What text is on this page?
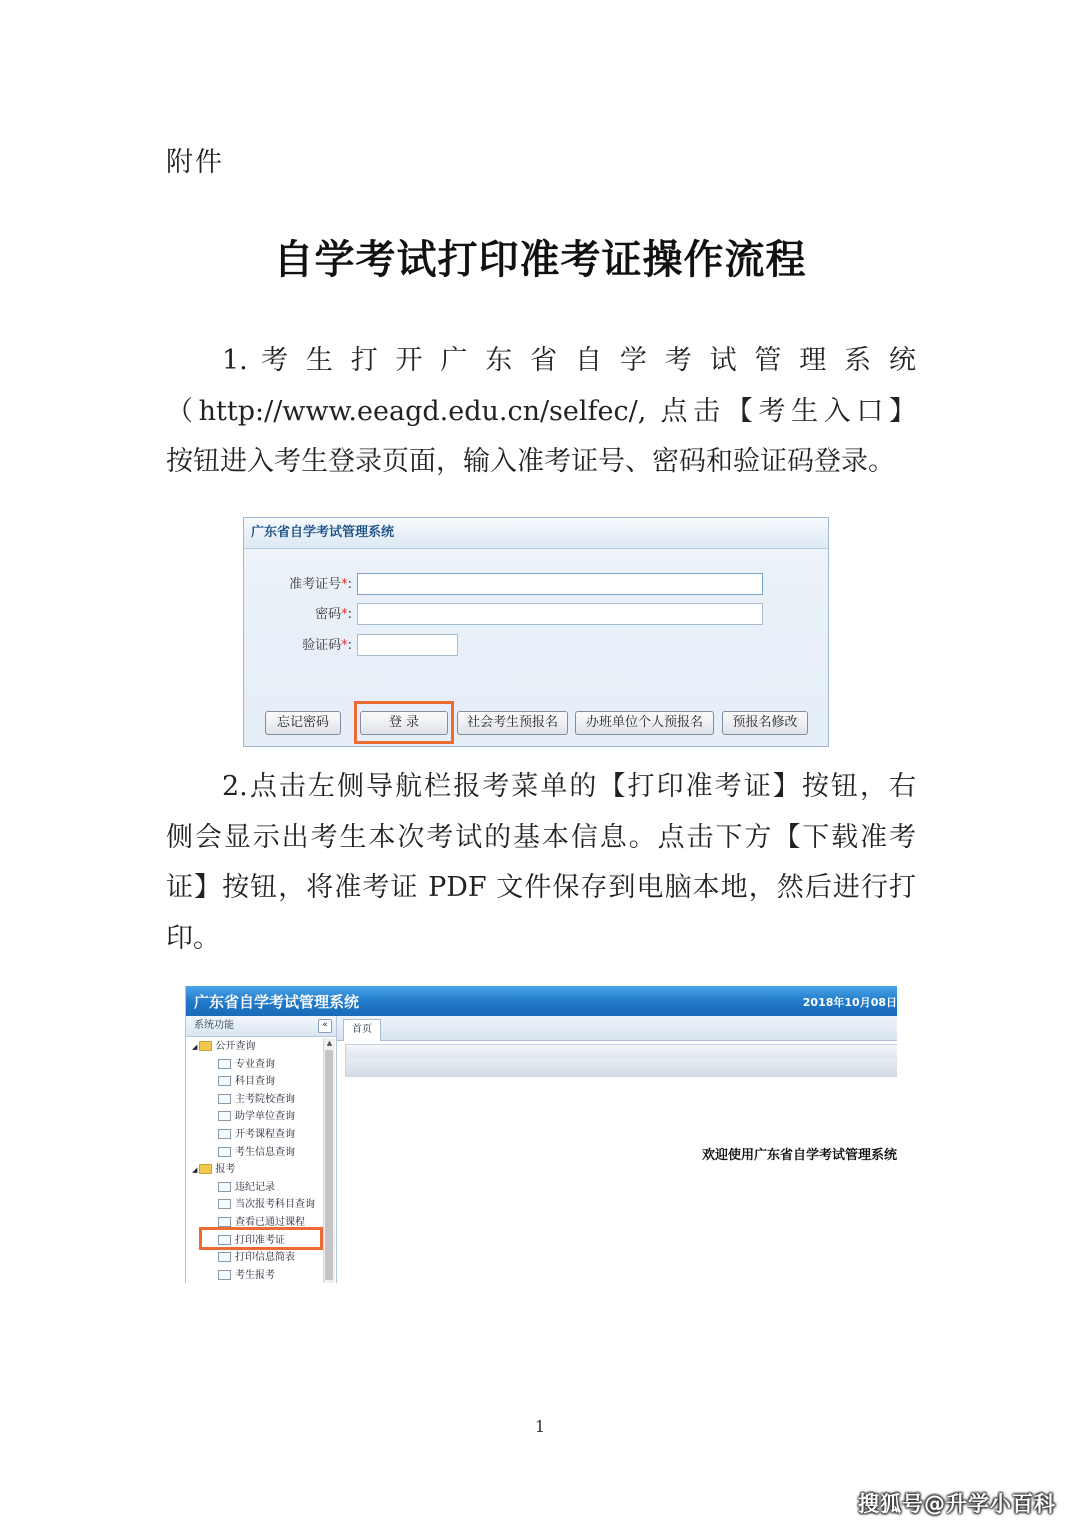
附件
自学考试打印准考证操作流程
1. 考 生 打 开 广 东 省 自 学 考 试 管 理 系 统
（http://www.eeagd.edu.cn/selfec/, 点击【考生入口】
按钮进入考生登录页面，输入准考证号、密码和验证码登录。
广东省自学考试管理系统
准考证号*:
密码*:
验证码*:
忘记密码	登 录	社会考生预报名	办班单位个人预报名	预报名修改
2.点击左侧导航栏报考菜单的【打印准考证】按钮，右
侧会显示出考生本次考试的基本信息。点击下方【下载准考
证】按钮，将准考证 PDF 文件保存到电脑本地，然后进行打
印。
广东省自学考试管理系统	2018年10月08日
系统功能	«
◢ 公开查询
专业查询
科目查询
主考院校查询
助学单位查询
开考课程查询
考生信息查询
◢ 报考
违纪记录
当次报考科目查询
查看已通过课程
打印准考证
打印信息简表
考生报考
▲
首页
欢迎使用广东省自学考试管理系统
1
搜狐号@升学小百科
